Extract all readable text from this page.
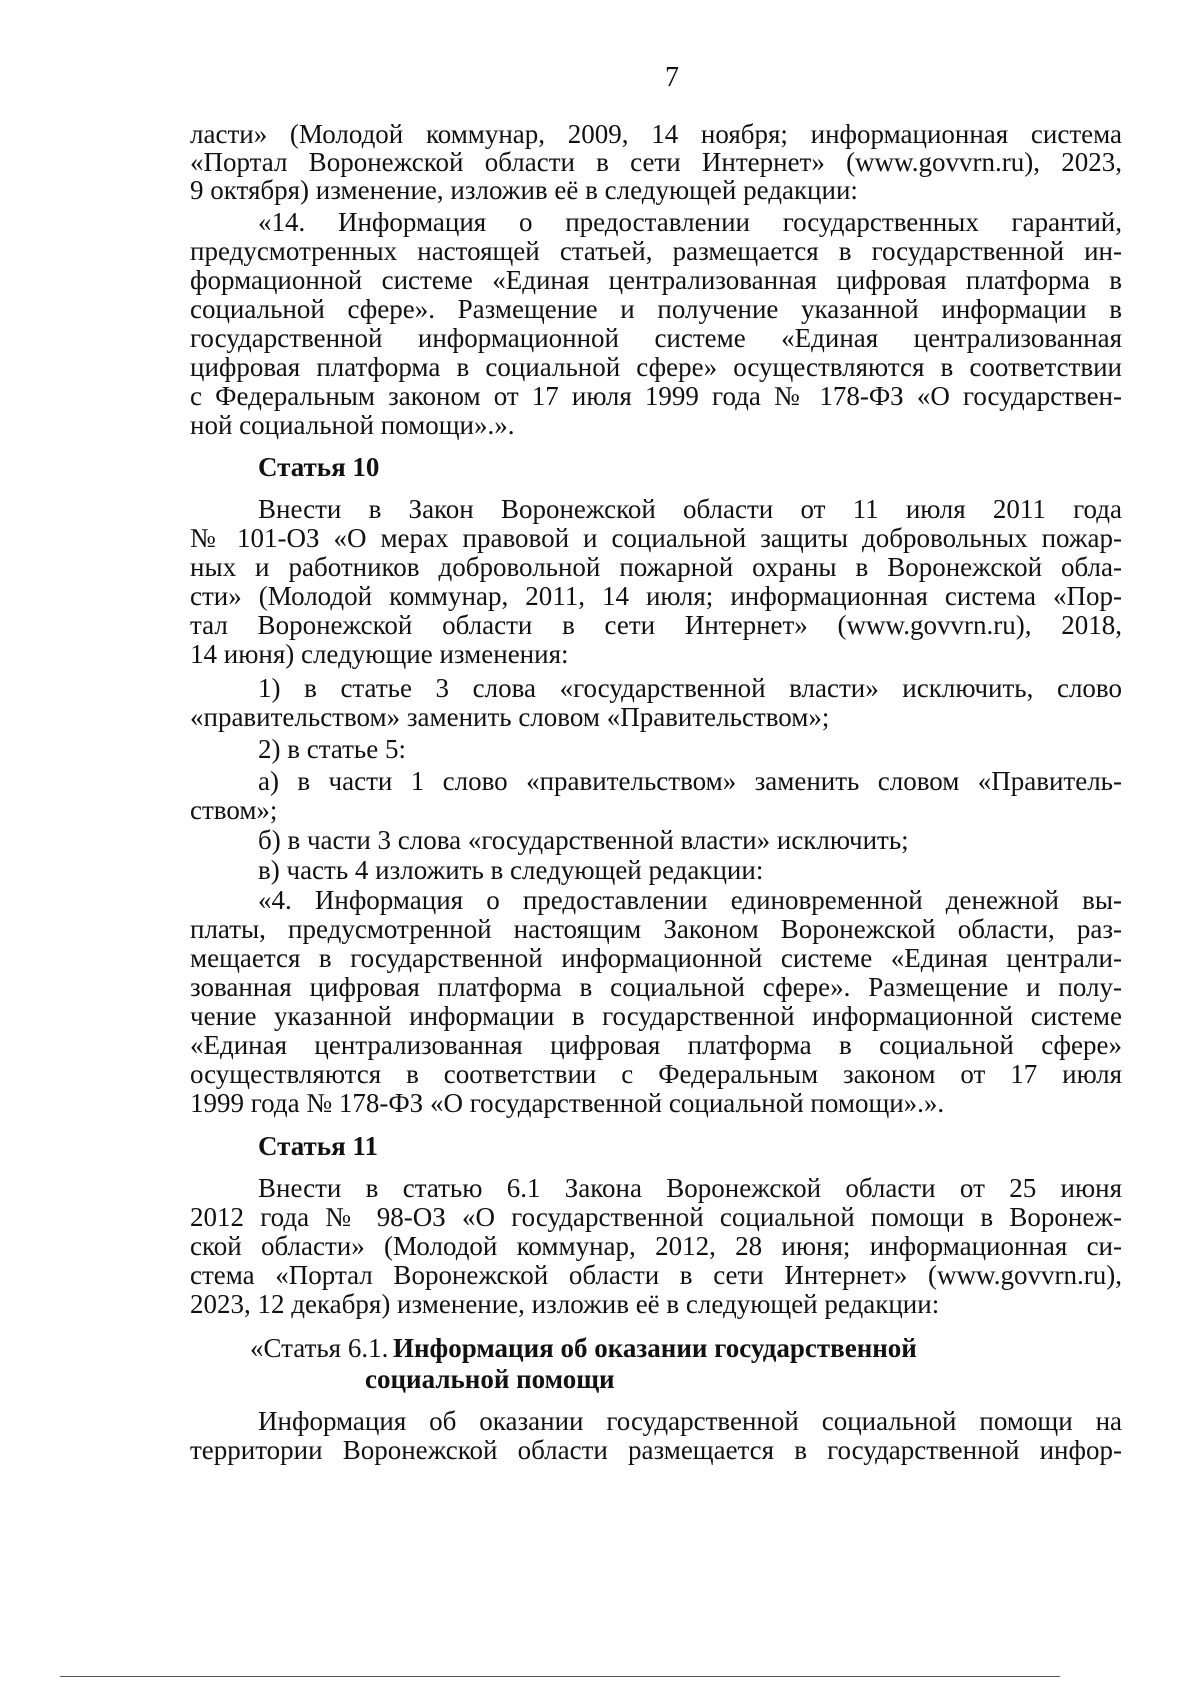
7
ласти» (Молодой коммунар, 2009, 14 ноября; информационная система
«Портал Воронежской области в сети Интернет» (www.govvrn.ru), 2023,
9 октября) изменение, изложив её в следующей редакции:
«14. Информация о предоставлении государственных гарантий,
предусмотренных настоящей статьей, размещается в государственной ин-
формационной системе «Единая централизованная цифровая платформа в
социальной сфере». Размещение и получение указанной информации в
государственной информационной системе «Единая централизованная
цифровая платформа в социальной сфере» осуществляются в соответствии
с Федеральным законом от 17 июля 1999 года № 178-ФЗ «О государствен-
ной социальной помощи».».
Статья 10
Внести в Закон Воронежской области от 11 июля 2011 года
№ 101-ОЗ «О мерах правовой и социальной защиты добровольных пожар-
ных и работников добровольной пожарной охраны в Воронежской обла-
сти» (Молодой коммунар, 2011, 14 июля; информационная система «Пор-
тал Воронежской области в сети Интернет» (www.govvrn.ru), 2018,
14 июня) следующие изменения:
1) в статье 3 слова «государственной власти» исключить, слово
«правительством» заменить словом «Правительством»;
2) в статье 5:
а) в части 1 слово «правительством» заменить словом «Правитель-
ством»;
б) в части 3 слова «государственной власти» исключить;
в) часть 4 изложить в следующей редакции:
«4. Информация о предоставлении единовременной денежной вы-
платы, предусмотренной настоящим Законом Воронежской области, раз-
мещается в государственной информационной системе «Единая централи-
зованная цифровая платформа в социальной сфере». Размещение и полу-
чение указанной информации в государственной информационной системе
«Единая централизованная цифровая платформа в социальной сфере»
осуществляются в соответствии с Федеральным законом от 17 июля
1999 года № 178-ФЗ «О государственной социальной помощи».».
Статья 11
Внести в статью 6.1 Закона Воронежской области от 25 июня
2012 года № 98-ОЗ «О государственной социальной помощи в Воронеж-
ской области» (Молодой коммунар, 2012, 28 июня; информационная си-
стема «Портал Воронежской области в сети Интернет» (www.govvrn.ru),
2023, 12 декабря) изменение, изложив её в следующей редакции:
«Статья 6.1.
Информация об оказании государственной
социальной помощи
Информация об оказании государственной социальной помощи на
территории Воронежской области размещается в государственной инфор-
